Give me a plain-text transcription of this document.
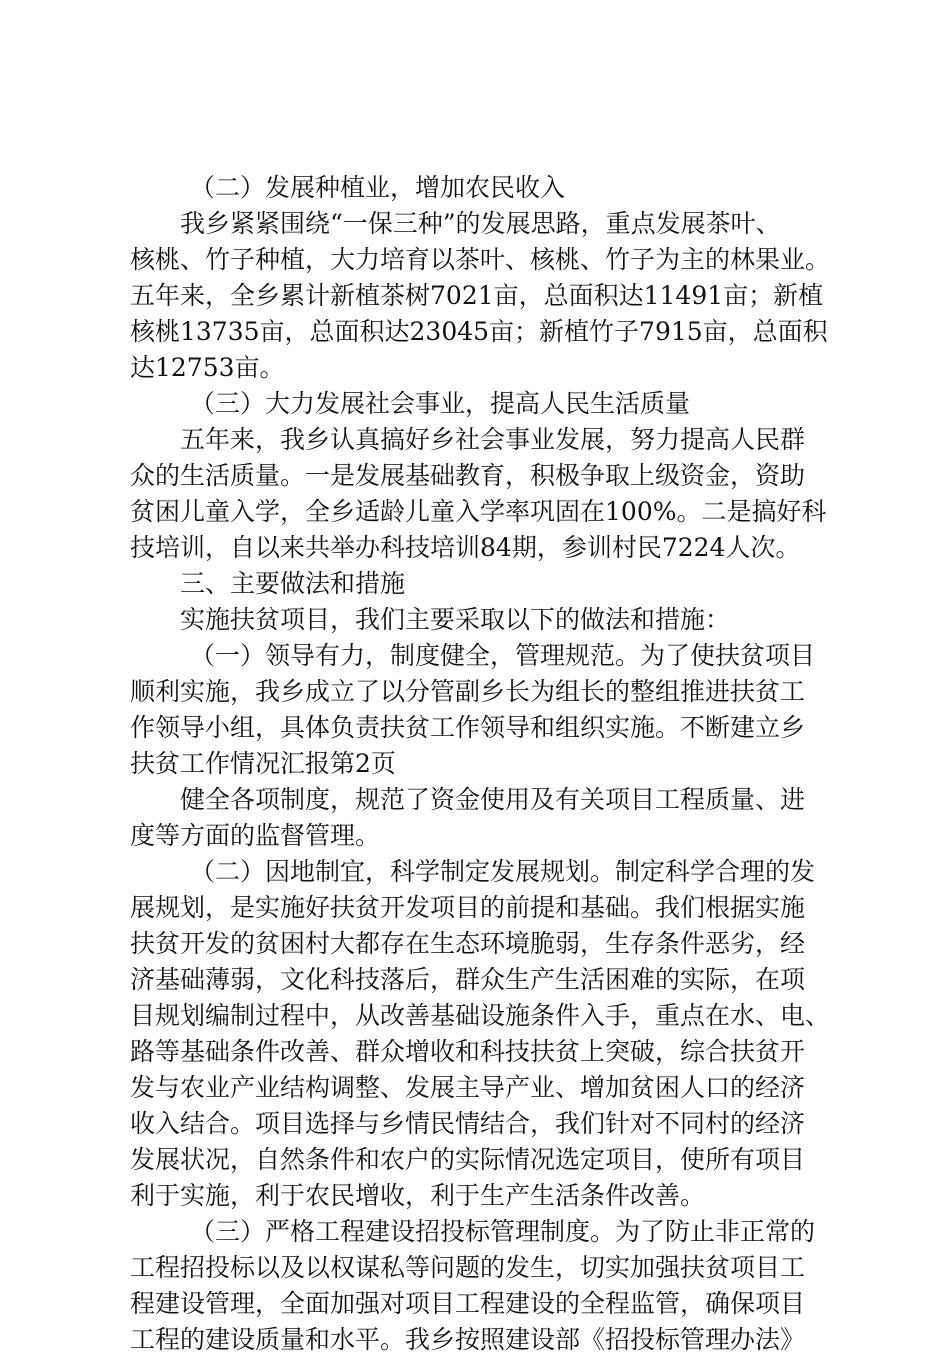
（二）发展种植业，增加农民收入
我乡紧紧围绕“一保三种”的发展思路，重点发展茶叶、
核桃、竹子种植，大力培育以茶叶、核桃、竹子为主的林果业。
五年来，全乡累计新植茶树7021亩，总面积达11491亩；新植
核桃13735亩，总面积达23045亩；新植竹子7915亩，总面积
达12753亩。
（三）大力发展社会事业，提高人民生活质量
五年来，我乡认真搞好乡社会事业发展，努力提高人民群
众的生活质量。一是发展基础教育，积极争取上级资金，资助
贫困儿童入学，全乡适龄儿童入学率巩固在100%。二是搞好科
技培训，自以来共举办科技培训84期，参训村民7224人次。
三、主要做法和措施
实施扶贫项目，我们主要采取以下的做法和措施：
（一）领导有力，制度健全，管理规范。为了使扶贫项目
顺利实施，我乡成立了以分管副乡长为组长的整组推进扶贫工
作领导小组，具体负责扶贫工作领导和组织实施。不断建立乡
扶贫工作情况汇报第2页
健全各项制度，规范了资金使用及有关项目工程质量、进
度等方面的监督管理。
（二）因地制宜，科学制定发展规划。制定科学合理的发
展规划，是实施好扶贫开发项目的前提和基础。我们根据实施
扶贫开发的贫困村大都存在生态环境脆弱，生存条件恶劣，经
济基础薄弱，文化科技落后，群众生产生活困难的实际，在项
目规划编制过程中，从改善基础设施条件入手，重点在水、电、
路等基础条件改善、群众增收和科技扶贫上突破，综合扶贫开
发与农业产业结构调整、发展主导产业、增加贫困人口的经济
收入结合。项目选择与乡情民情结合，我们针对不同村的经济
发展状况，自然条件和农户的实际情况选定项目，使所有项目
利于实施，利于农民增收，利于生产生活条件改善。
（三）严格工程建设招投标管理制度。为了防止非正常的
工程招投标以及以权谋私等问题的发生，切实加强扶贫项目工
程建设管理，全面加强对项目工程建设的全程监管，确保项目
工程的建设质量和水平。我乡按照建设部《招投标管理办法》
